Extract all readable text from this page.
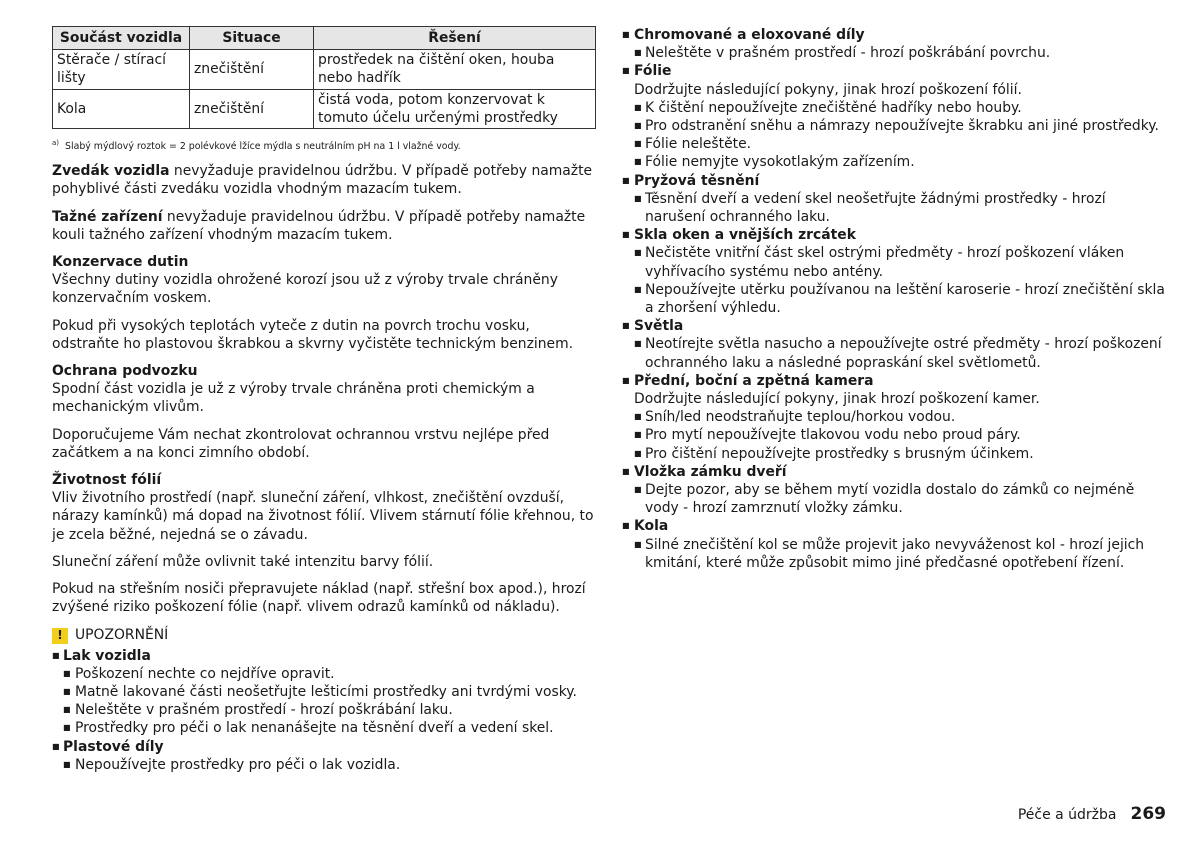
Součást vozidla	Situace	Řešení
Stěrače / stírací lišty	znečištění	prostředek na čištění oken, houba nebo hadřík
Kola	znečištění	čistá voda, potom konzervovat k tomuto účelu určenými prostředky
$^{a)}$ Slabý mýdlový roztok = 2 polévkové lžíce mýdla s neutrálním pH na 1 l vlažné vody.

Zvedák vozidla nevyžaduje pravidelnou údržbu. V případě potřeby namažte pohyblivé části zvedáku vozidla vhodným mazacím tukem.

Tažné zařízení nevyžaduje pravidelnou údržbu. V případě potřeby namažte kouli tažného zařízení vhodným mazacím tukem.

Konzervace dutin

Všechny dutiny vozidla ohrožené korozí jsou už z výroby trvale chráněny konzervačním voskem.

Pokud při vysokých teplotách vyteče z dutin na povrch trochu vosku, odstraňte ho plastovou škrabkou a skvrny vyčistěte technickým benzinem.

Ochrana podvozku

Spodní část vozidla je už z výroby trvale chráněna proti chemickým a mechanickým vlivům.

Doporučujeme Vám nechat zkontrolovat ochrannou vrstvu nejlépe před začátkem a na konci zimního období.

Životnost fólií

Vliv životního prostředí (např. sluneční záření, vlhkost, znečištění ovzduší, nárazy kamínků) má dopad na životnost fólií. Vlivem stárnutí fólie křehnou, to je zcela běžné, nejedná se o závadu.

Sluneční záření může ovlivnit také intenzitu barvy fólií.

Pokud na střešním nosiči přepravujete náklad (např. střešní box apod.), hrozí zvýšené riziko poškození fólie (např. vlivem odrazů kamínků od nákladu).

! UPOZORNĚNÍ
■ Lak vozidla
■ Poškození nechte co nejdříve opravit.
■ Matně lakované části neošetřujte lešticími prostředky ani tvrdými vosky.
■ Neleštěte v prašném prostředí - hrozí poškrábání laku.
■ Prostředky pro péči o lak nenanášejte na těsnění dveří a vedení skel.
■ Plastové díly
■ Nepoužívejte prostředky pro péči o lak vozidla.
■ Chromované a eloxované díly
■ Neleštěte v prašném prostředí - hrozí poškrábání povrchu.
■ Fólie
Dodržujte následující pokyny, jinak hrozí poškození fólií.
■ K čištění nepoužívejte znečištěné hadříky nebo houby.
■ Pro odstranění sněhu a námrazy nepoužívejte škrabku ani jiné prostředky.
■ Fólie neleštěte.
■ Fólie nemyjte vysokotlakým zařízením.
■ Pryžová těsnění
■ Těsnění dveří a vedení skel neošetřujte žádnými prostředky - hrozí narušení ochranného laku.
■ Skla oken a vnějších zrcátek
■ Nečistěte vnitřní část skel ostrými předměty - hrozí poškození vláken vyhřívacího systému nebo antény.
■ Nepoužívejte utěrku používanou na leštění karoserie - hrozí znečištění skla a zhoršení výhledu.
■ Světla
■ Neotírejte světla nasucho a nepoužívejte ostré předměty - hrozí poškození ochranného laku a následné popraskání skel světlometů.
■ Přední, boční a zpětná kamera
Dodržujte následující pokyny, jinak hrozí poškození kamer.
■ Sníh/led neodstraňujte teplou/horkou vodou.
■ Pro mytí nepoužívejte tlakovou vodu nebo proud páry.
■ Pro čištění nepoužívejte prostředky s brusným účinkem.
■ Vložka zámku dveří
■ Dejte pozor, aby se během mytí vozidla dostalo do zámků co nejméně vody - hrozí zamrznutí vložky zámku.
■ Kola
■ Silné znečištění kol se může projevit jako nevyváženost kol - hrozí jejich kmitání, které může způsobit mimo jiné předčasné opotřebení řízení.
Péče a údržba 269
